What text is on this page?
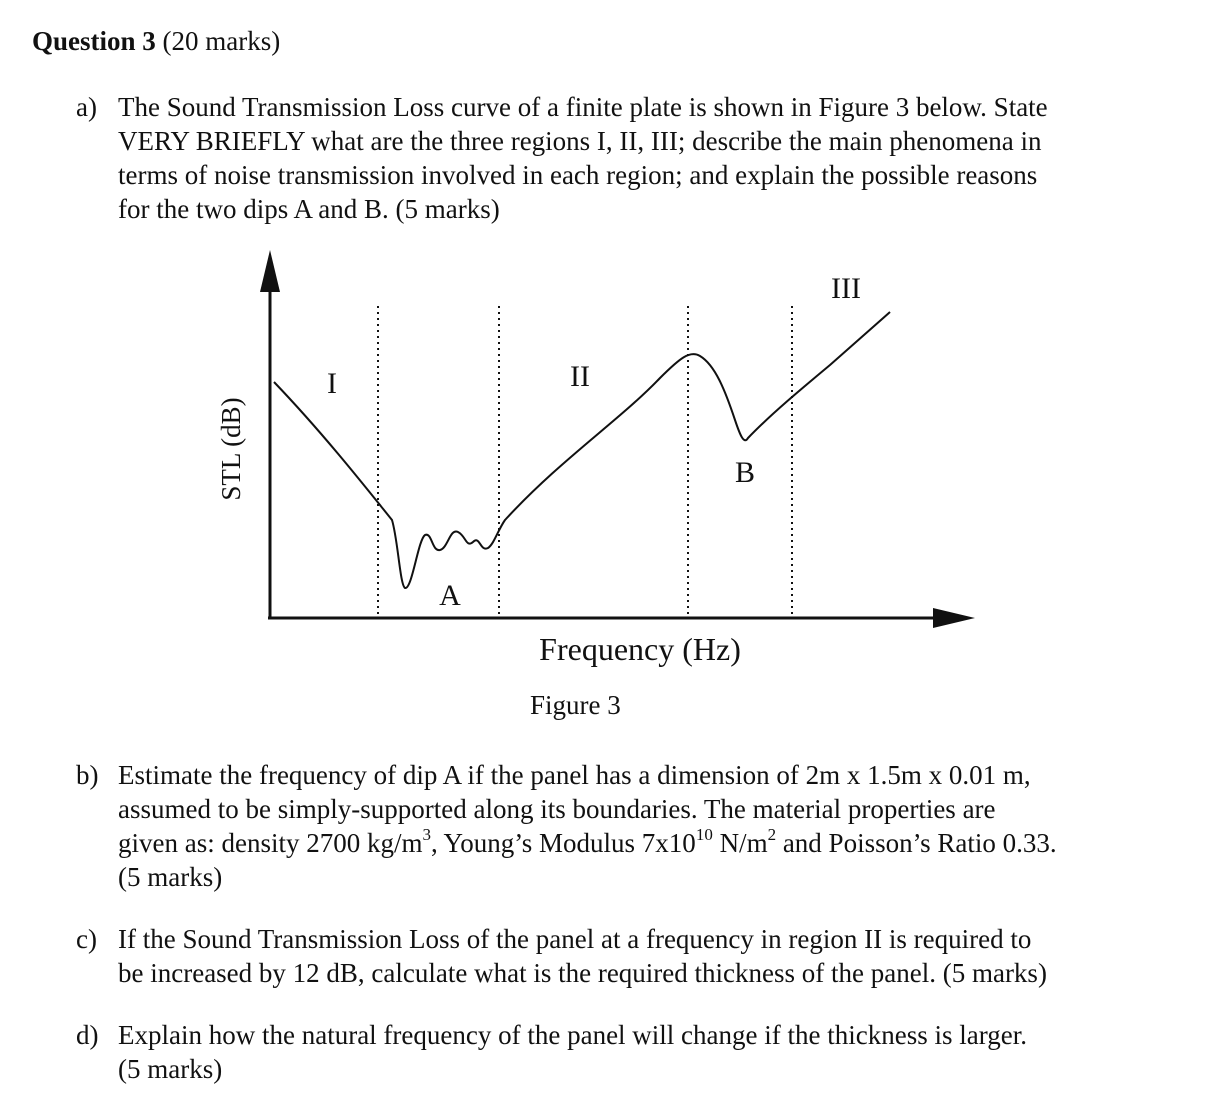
Question 3 (20 marks)
a) The Sound Transmission Loss curve of a finite plate is shown in Figure 3 below. State
VERY BRIEFLY what are the three regions I, II, III; describe the main phenomena in
terms of noise transmission involved in each region; and explain the possible reasons
for the two dips A and B. (5 marks)
STL (dB)
Frequency (Hz)
I	II
III
A
B
Figure 3
b) Estimate the frequency of dip A if the panel has a dimension of 2m x 1.5m x 0.01 m,
assumed to be simply-supported along its boundaries. The material properties are
given as: density 2700 $kg/m^3$, Young’s Modulus $7x10^{10}$ $N/m^2$ and Poisson’s Ratio 0.33.
(5 marks)
c) If the Sound Transmission Loss of the panel at a frequency in region II is required to
be increased by 12 dB, calculate what is the required thickness of the panel. (5 marks)
d) Explain how the natural frequency of the panel will change if the thickness is larger.
(5 marks)
